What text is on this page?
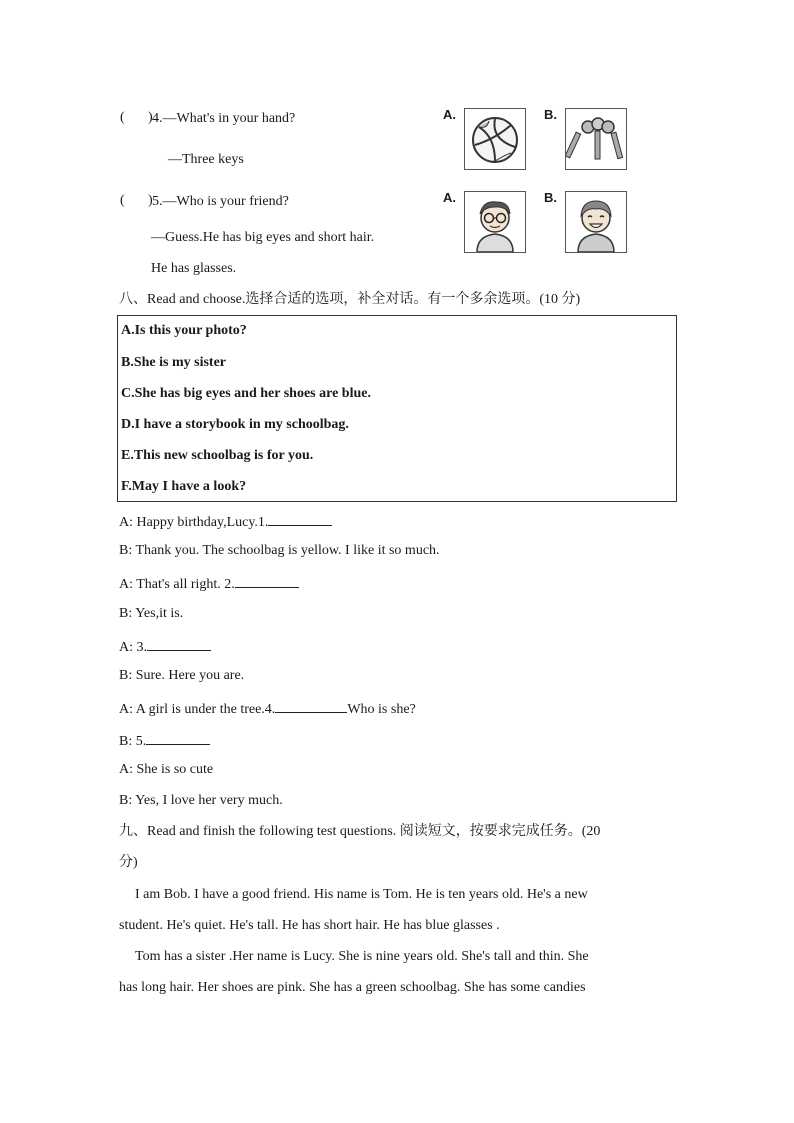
( ) 4.—What's in your hand?
—Three keys
A.	B.
( ) 5.—Who is your friend?
—Guess.He has big eyes and short hair.
He has glasses.
A.	B.
八、Read and choose.选择合适的选项，补全对话。有一个多余选项。(10 分)
A.Is this your photo?
B.She is my sister
C.She has big eyes and her shoes are blue.
D.I have a storybook in my schoolbag.
E.This new schoolbag is for you.
F.May I have a look?
A: Happy birthday,Lucy.1.
B: Thank you. The schoolbag is yellow. I like it so much.
A: That's all right. 2.
B: Yes,it is.
A: 3.
B: Sure. Here you are.
A: A girl is under the tree.4.	Who is she?
B: 5.
A: She is so cute
B: Yes, I love her very much.
九、Read and finish the following test questions. 阅读短文，按要求完成任务。(20
分)
I am Bob. I have a good friend. His name is Tom. He is ten years old. He's a new
student. He's quiet. He's tall. He has short hair. He has blue glasses .
Tom has a sister .Her name is Lucy. She is nine years old. She's tall and thin. She
has long hair. Her shoes are pink. She has a green schoolbag. She has some candies
